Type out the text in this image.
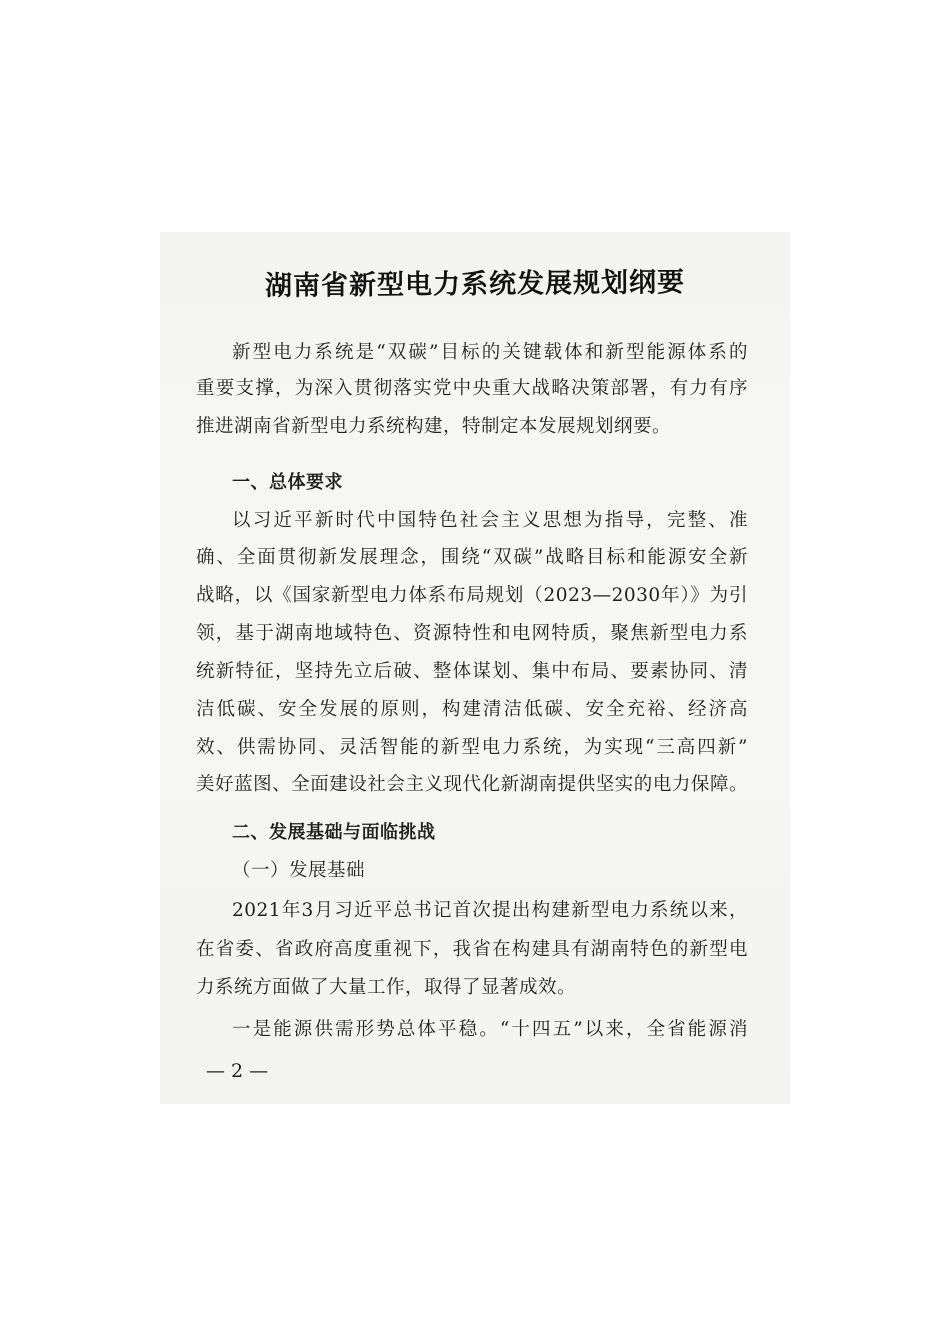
湖南省新型电力系统发展规划纲要
新型电力系统是“双碳”目标的关键载体和新型能源体系的
重要支撑，为深入贯彻落实党中央重大战略决策部署，有力有序
推进湖南省新型电力系统构建，特制定本发展规划纲要。
一、总体要求
以习近平新时代中国特色社会主义思想为指导，完整、准
确、全面贯彻新发展理念，围绕“双碳”战略目标和能源安全新
战略，以《国家新型电力体系布局规划（2023—2030年）》为引
领，基于湖南地域特色、资源特性和电网特质，聚焦新型电力系
统新特征，坚持先立后破、整体谋划、集中布局、要素协同、清
洁低碳、安全发展的原则，构建清洁低碳、安全充裕、经济高
效、供需协同、灵活智能的新型电力系统，为实现“三高四新”
美好蓝图、全面建设社会主义现代化新湖南提供坚实的电力保障。
二、发展基础与面临挑战
（一）发展基础
2021年3月习近平总书记首次提出构建新型电力系统以来，
在省委、省政府高度重视下，我省在构建具有湖南特色的新型电
力系统方面做了大量工作，取得了显著成效。
一是能源供需形势总体平稳。“十四五”以来，全省能源消
— 2 —
